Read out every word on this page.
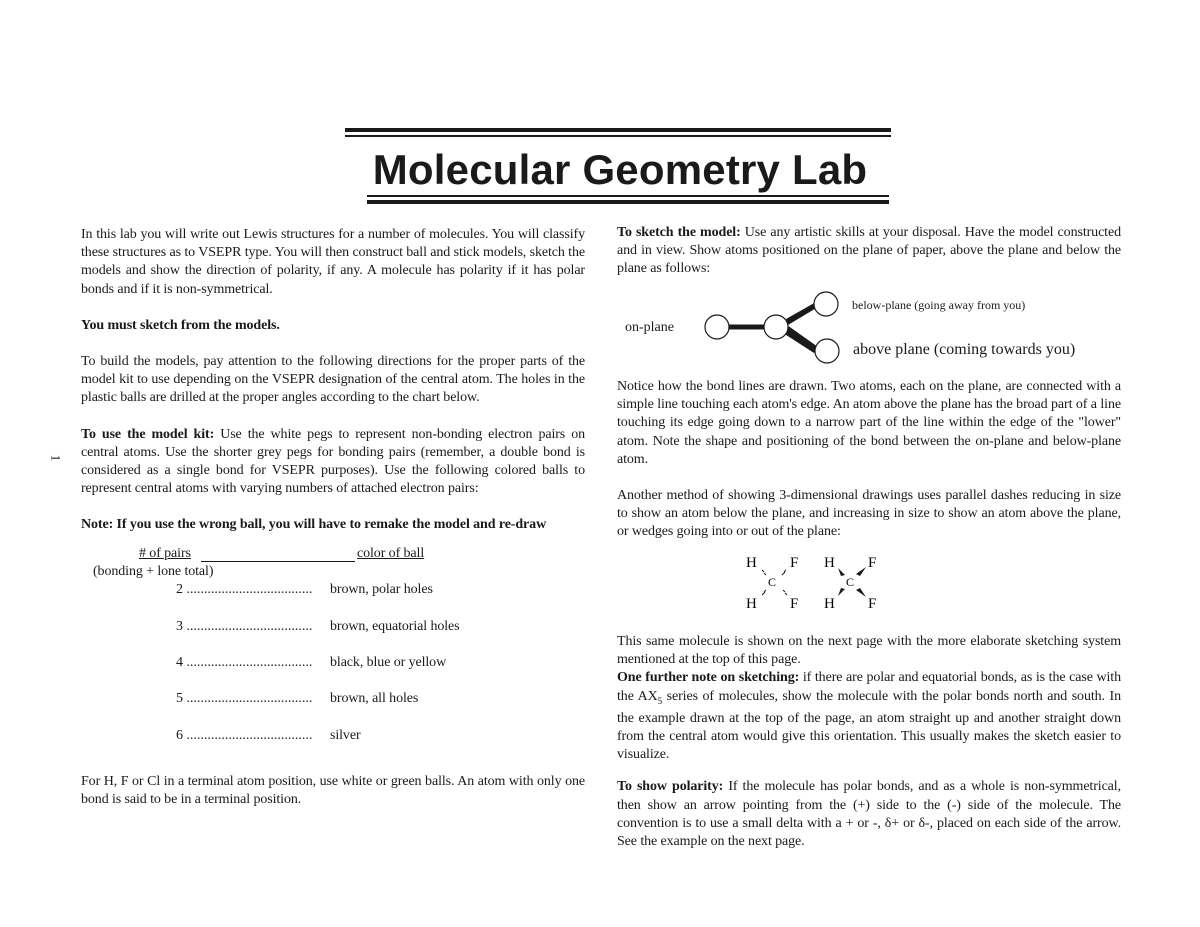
Molecular Geometry Lab
1

In this lab you will write out Lewis structures for a number of molecules. You will classify these structures as to VSEPR type. You will then construct ball and stick models, sketch the models and show the direction of polarity, if any. A molecule has polarity if it has polar bonds and if it is non-symmetrical.

You must sketch from the models.

To build the models, pay attention to the following directions for the proper parts of the model kit to use depending on the VSEPR designation of the central atom. The holes in the plastic balls are drilled at the proper angles according to the chart below.

To use the model kit: Use the white pegs to represent non-bonding electron pairs on central atoms. Use the shorter grey pegs for bonding pairs (remember, a double bond is considered as a single bond for VSEPR purposes). Use the following colored balls to represent central atoms with varying numbers of attached electron pairs:

Note: If you use the wrong ball, you will have to remake the model and re-draw

# of pairs	color of ball
(bonding + lone total)
2 .................................... brown, polar holes
3 .................................... brown, equatorial holes
4 .................................... black, blue or yellow
5 .................................... brown, all holes
6 .................................... silver

For H, F or Cl in a terminal atom position, use white or green balls. An atom with only one bond is said to be in a terminal position.

To sketch the model: Use any artistic skills at your disposal. Have the model constructed and in view. Show atoms positioned on the plane of paper, above the plane and below the plane as follows:

on-plane
below-plane (going away from you)
above plane (coming towards you)

Notice how the bond lines are drawn. Two atoms, each on the plane, are connected with a simple line touching each atom's edge. An atom above the plane has the broad part of a line touching its edge going down to a narrow part of the line within the edge of the "lower" atom. Note the shape and positioning of the bond between the on-plane and below-plane atom.

Another method of showing 3-dimensional drawings uses parallel dashes reducing in size to show an atom below the plane, and increasing in size to show an atom above the plane, or wedges going into or out of the plane:

H F
C
H F
H F
C
H F

This same molecule is shown on the next page with the more elaborate sketching system mentioned at the top of this page.

One further note on sketching: if there are polar and equatorial bonds, as is the case with the $AX_5$ series of molecules, show the molecule with the polar bonds north and south. In the example drawn at the top of the page, an atom straight up and another straight down from the central atom would give this orientation. This usually makes the sketch easier to visualize.

To show polarity: If the molecule has polar bonds, and as a whole is non-symmetrical, then show an arrow pointing from the (+) side to the (-) side of the molecule. The convention is to use a small delta with a + or -, δ+ or δ-, placed on each side of the arrow. See the example on the next page.
